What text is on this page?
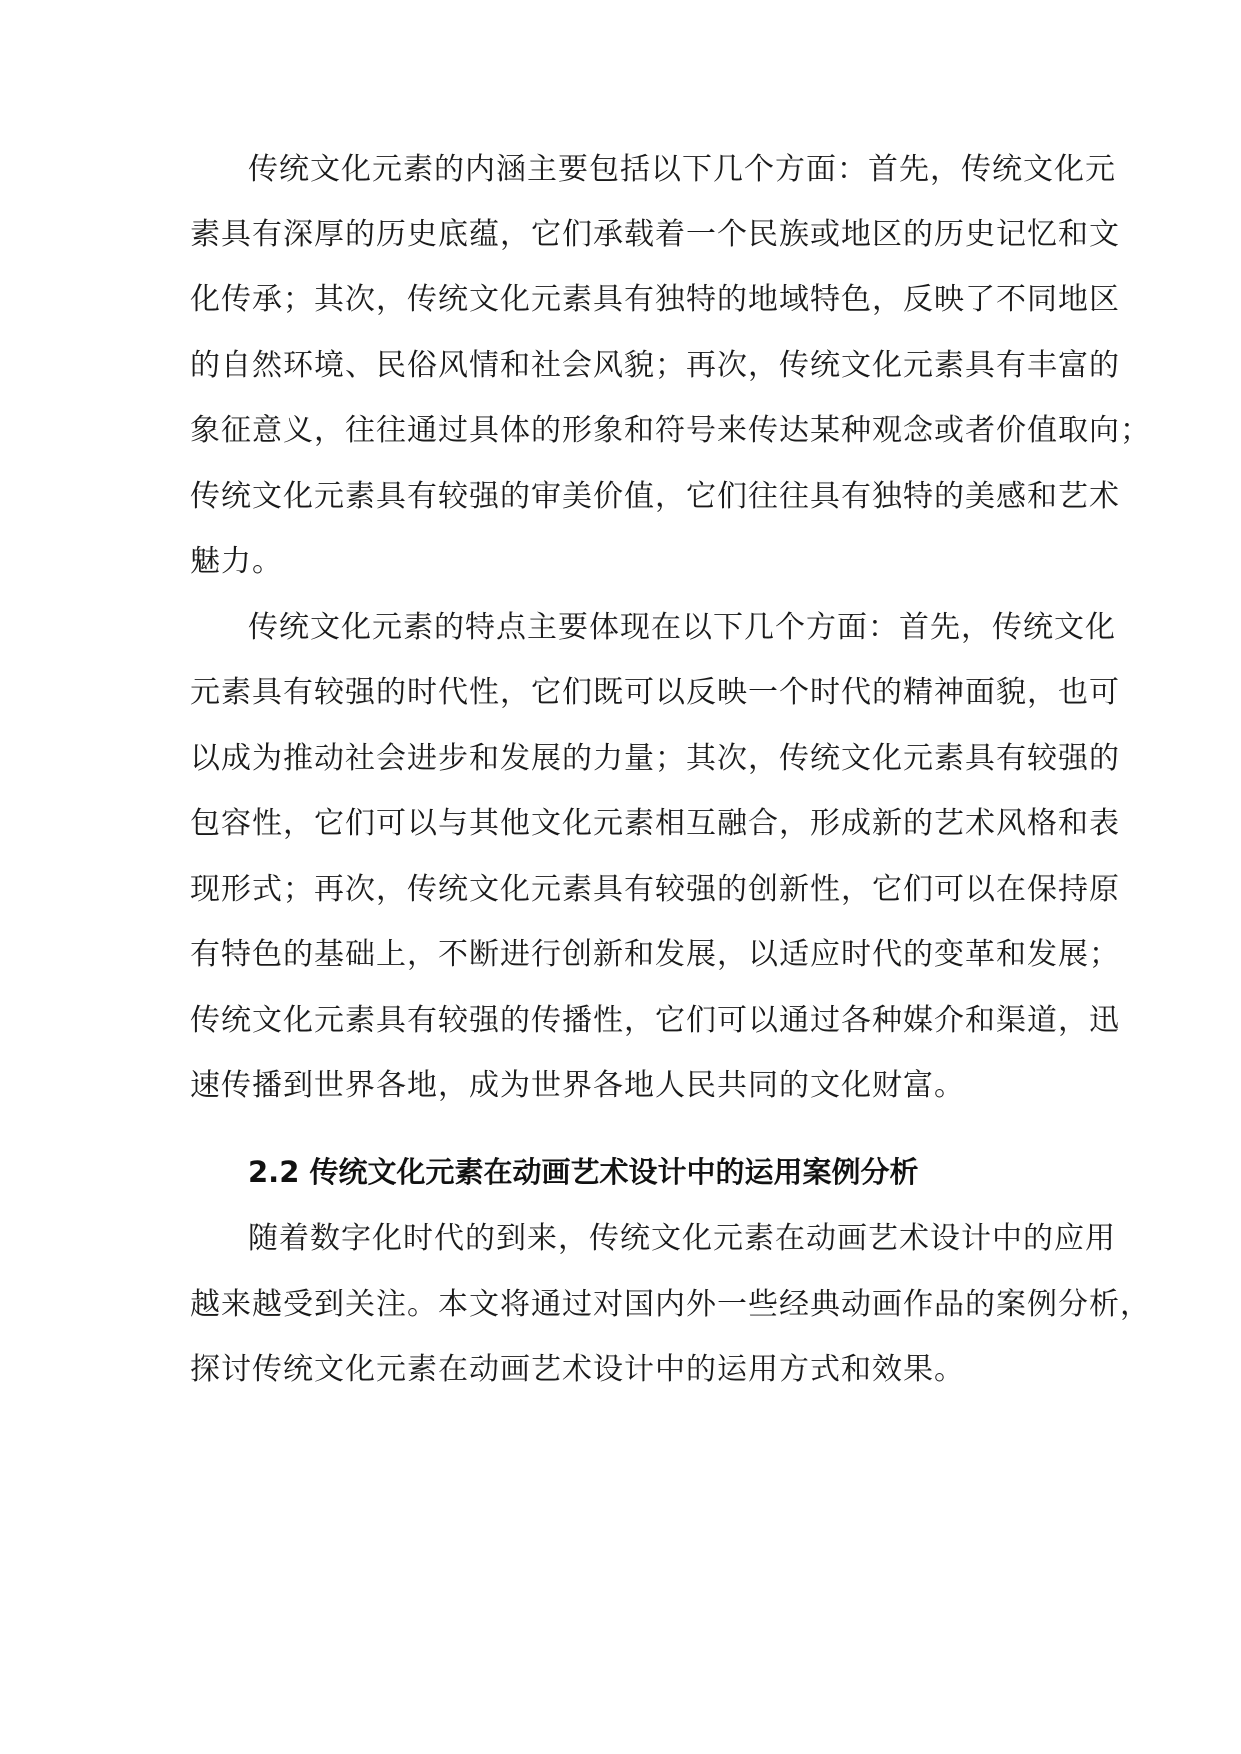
传统文化元素的内涵主要包括以下几个方面：首先，传统文化元
素具有深厚的历史底蕴，它们承载着一个民族或地区的历史记忆和文
化传承；其次，传统文化元素具有独特的地域特色，反映了不同地区
的自然环境、民俗风情和社会风貌；再次，传统文化元素具有丰富的
象征意义，往往通过具体的形象和符号来传达某种观念或者价值取向；
传统文化元素具有较强的审美价值，它们往往具有独特的美感和艺术
魅力。
传统文化元素的特点主要体现在以下几个方面：首先，传统文化
元素具有较强的时代性，它们既可以反映一个时代的精神面貌，也可
以成为推动社会进步和发展的力量；其次，传统文化元素具有较强的
包容性，它们可以与其他文化元素相互融合，形成新的艺术风格和表
现形式；再次，传统文化元素具有较强的创新性，它们可以在保持原
有特色的基础上，不断进行创新和发展，以适应时代的变革和发展；
传统文化元素具有较强的传播性，它们可以通过各种媒介和渠道，迅
速传播到世界各地，成为世界各地人民共同的文化财富。
2.2 传统文化元素在动画艺术设计中的运用案例分析
随着数字化时代的到来，传统文化元素在动画艺术设计中的应用
越来越受到关注。本文将通过对国内外一些经典动画作品的案例分析，
探讨传统文化元素在动画艺术设计中的运用方式和效果。
